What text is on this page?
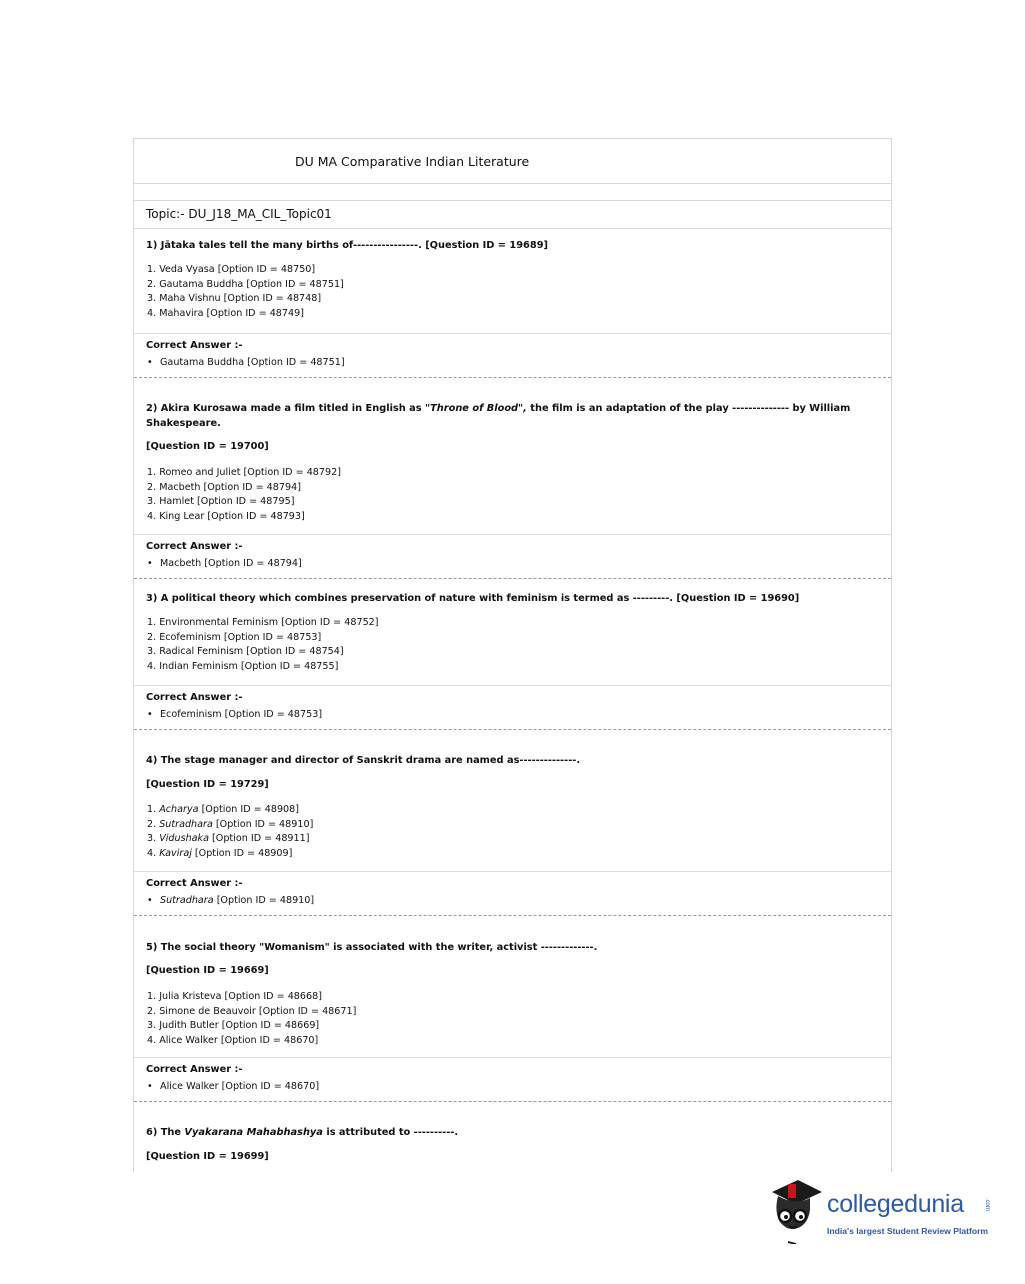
DU MA Comparative Indian Literature
Topic:- DU_J18_MA_CIL_Topic01
1) Jātaka tales tell the many births of----------------. [Question ID = 19689]
1. Veda Vyasa [Option ID = 48750]
2. Gautama Buddha [Option ID = 48751]
3. Maha Vishnu [Option ID = 48748]
4. Mahavira [Option ID = 48749]
Correct Answer :-
• Gautama Buddha [Option ID = 48751]
2) Akira Kurosawa made a film titled in English as "Throne of Blood", the film is an adaptation of the play -------------- by William Shakespeare.
[Question ID = 19700]
1. Romeo and Juliet [Option ID = 48792]
2. Macbeth [Option ID = 48794]
3. Hamlet [Option ID = 48795]
4. King Lear [Option ID = 48793]
Correct Answer :-
• Macbeth [Option ID = 48794]
3) A political theory which combines preservation of nature with feminism is termed as ---------. [Question ID = 19690]
1. Environmental Feminism [Option ID = 48752]
2. Ecofeminism [Option ID = 48753]
3. Radical Feminism [Option ID = 48754]
4. Indian Feminism [Option ID = 48755]
Correct Answer :-
• Ecofeminism [Option ID = 48753]
4) The stage manager and director of Sanskrit drama are named as--------------.
[Question ID = 19729]
1. Acharya [Option ID = 48908]
2. Sutradhara [Option ID = 48910]
3. Vidushaka [Option ID = 48911]
4. Kaviraj [Option ID = 48909]
Correct Answer :-
• Sutradhara [Option ID = 48910]
5) The social theory "Womanism" is associated with the writer, activist -------------.
[Question ID = 19669]
1. Julia Kristeva [Option ID = 48668]
2. Simone de Beauvoir [Option ID = 48671]
3. Judith Butler [Option ID = 48669]
4. Alice Walker [Option ID = 48670]
Correct Answer :-
• Alice Walker [Option ID = 48670]
6) The Vyakarana Mahabhashya is attributed to ----------.
[Question ID = 19699]
collegedunia	.com
India's largest Student Review Platform
